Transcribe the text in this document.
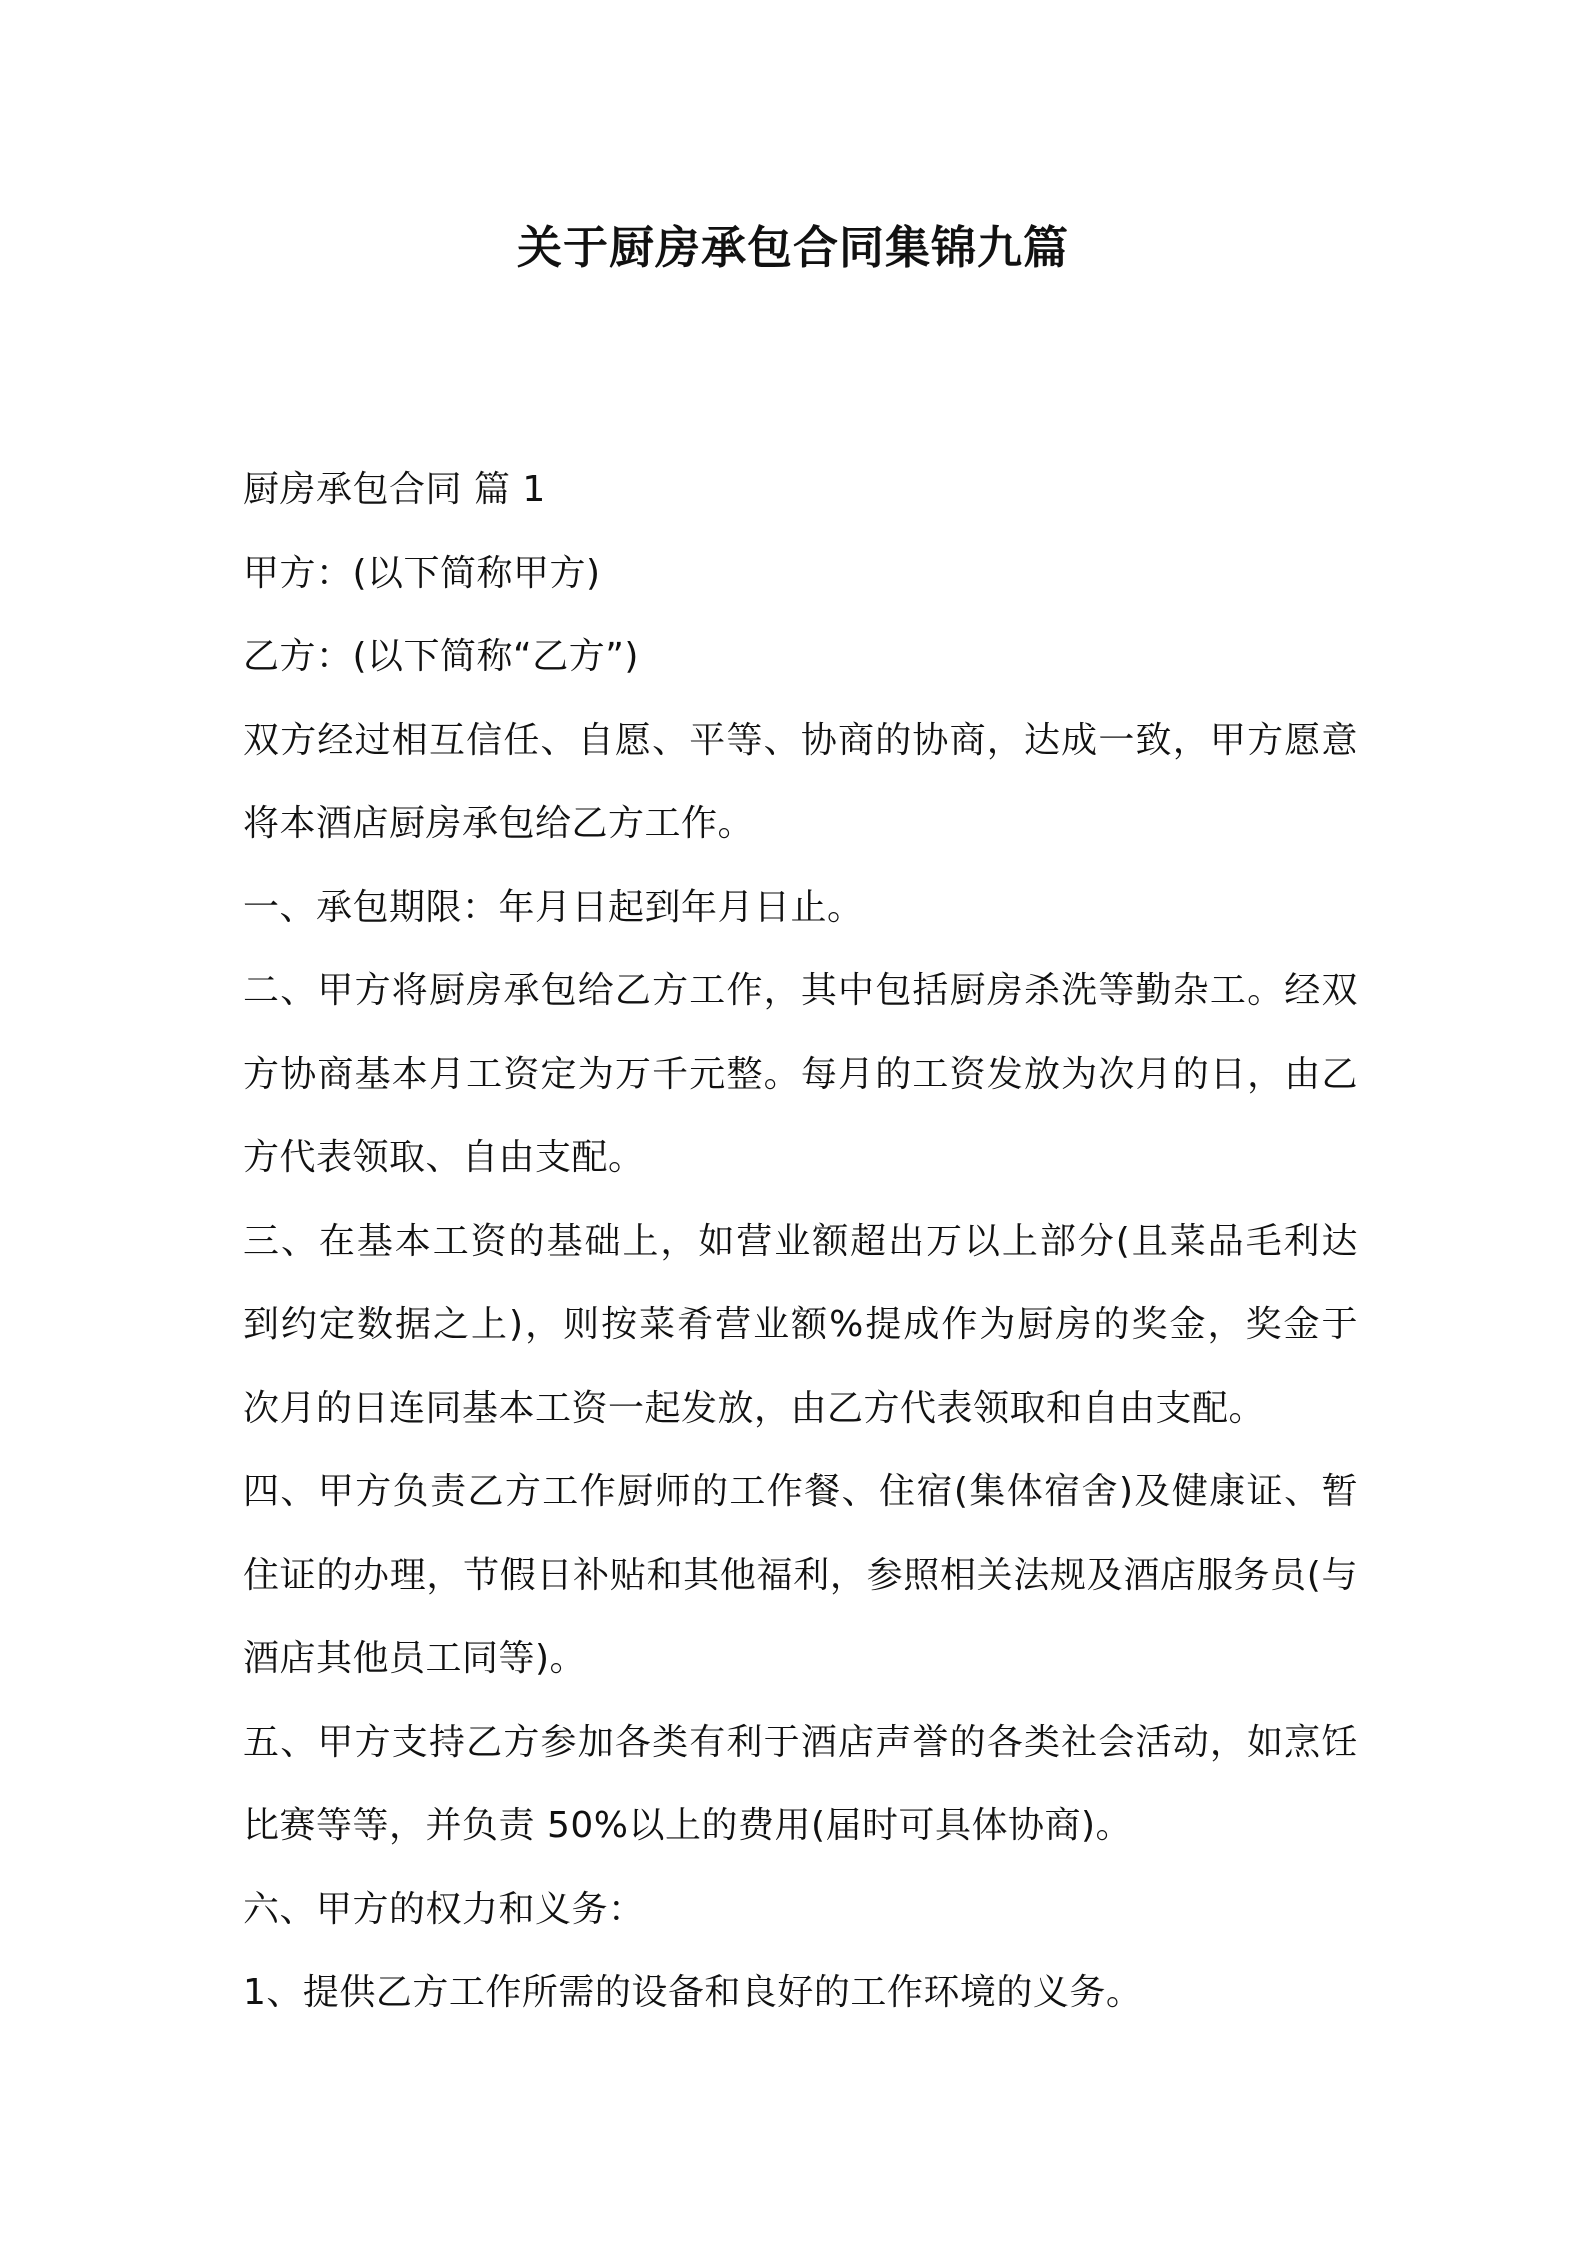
关于厨房承包合同集锦九篇
厨房承包合同 篇 1
甲方：(以下简称甲方)
乙方：(以下简称“乙方”)
双方经过相互信任、自愿、平等、协商的协商，达成一致，甲方愿意
将本酒店厨房承包给乙方工作。
一、承包期限：年月日起到年月日止。
二、甲方将厨房承包给乙方工作，其中包括厨房杀洗等勤杂工。经双
方协商基本月工资定为万千元整。每月的工资发放为次月的日，由乙
方代表领取、自由支配。
三、在基本工资的基础上，如营业额超出万以上部分(且菜品毛利达
到约定数据之上)，则按菜肴营业额%提成作为厨房的奖金，奖金于
次月的日连同基本工资一起发放，由乙方代表领取和自由支配。
四、甲方负责乙方工作厨师的工作餐、住宿(集体宿舍)及健康证、暂
住证的办理，节假日补贴和其他福利，参照相关法规及酒店服务员(与
酒店其他员工同等)。
五、甲方支持乙方参加各类有利于酒店声誉的各类社会活动，如烹饪
比赛等等，并负责 50%以上的费用(届时可具体协商)。
六、甲方的权力和义务：
1、提供乙方工作所需的设备和良好的工作环境的义务。
